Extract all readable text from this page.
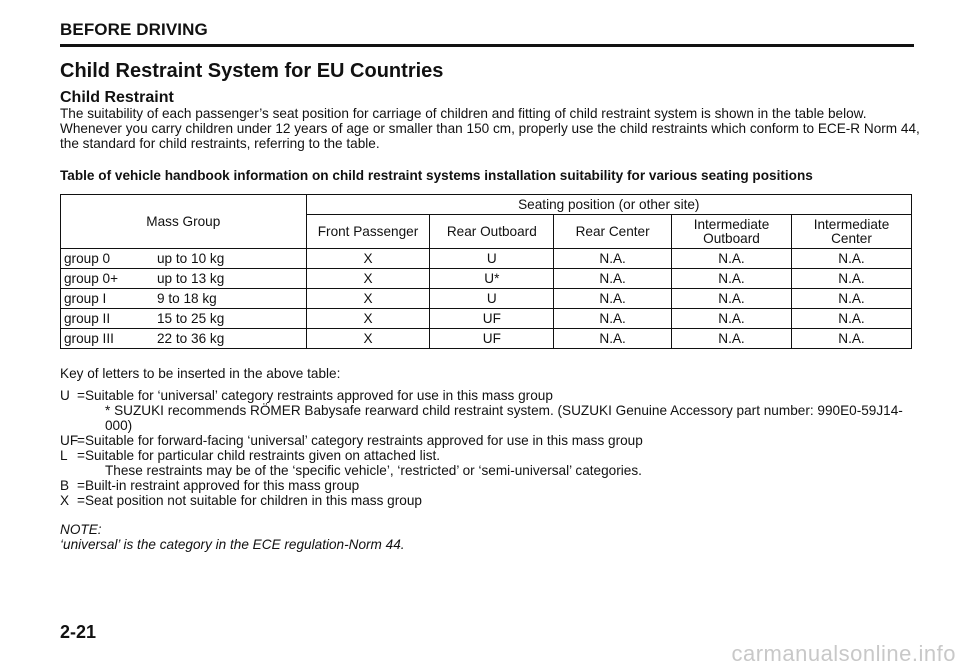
BEFORE DRIVING
Child Restraint System for EU Countries
Child Restraint
The suitability of each passenger’s seat position for carriage of children and fitting of child restraint system is shown in the table below. Whenever you carry children under 12 years of age or smaller than 150 cm, properly use the child restraints which conform to ECE-R Norm 44, the standard for child restraints, referring to the table.
Table of vehicle handbook information on child restraint systems installation suitability for various seating positions
Mass Group	Seating position (or other site)				
	Front Passenger	Rear Outboard	Rear Center	Intermediate Outboard	Intermediate Center
group 0 up to 10 kg	X	U	N.A.	N.A.	N.A.
group 0+ up to 13 kg	X	U*	N.A.	N.A.	N.A.
group I 9 to 18 kg	X	U	N.A.	N.A.	N.A.
group II 15 to 25 kg	X	UF	N.A.	N.A.	N.A.
group III 22 to 36 kg	X	UF	N.A.	N.A.	N.A.
Key of letters to be inserted in the above table:
U =Suitable for ‘universal’ category restraints approved for use in this mass group
* SUZUKI recommends RÖMER Babysafe rearward child restraint system. (SUZUKI Genuine Accessory part number: 990E0-59J14-000)
UF
=Suitable for forward-facing ‘universal’ category restraints approved for use in this mass group
L =Suitable for particular child restraints given on attached list.
These restraints may be of the ‘specific vehicle’, ‘restricted’ or ‘semi-universal’ categories.
B =Built-in restraint approved for this mass group
X =Seat position not suitable for children in this mass group
NOTE:
‘universal’ is the category in the ECE regulation-Norm 44.
2-21
carmanualsonline.info
